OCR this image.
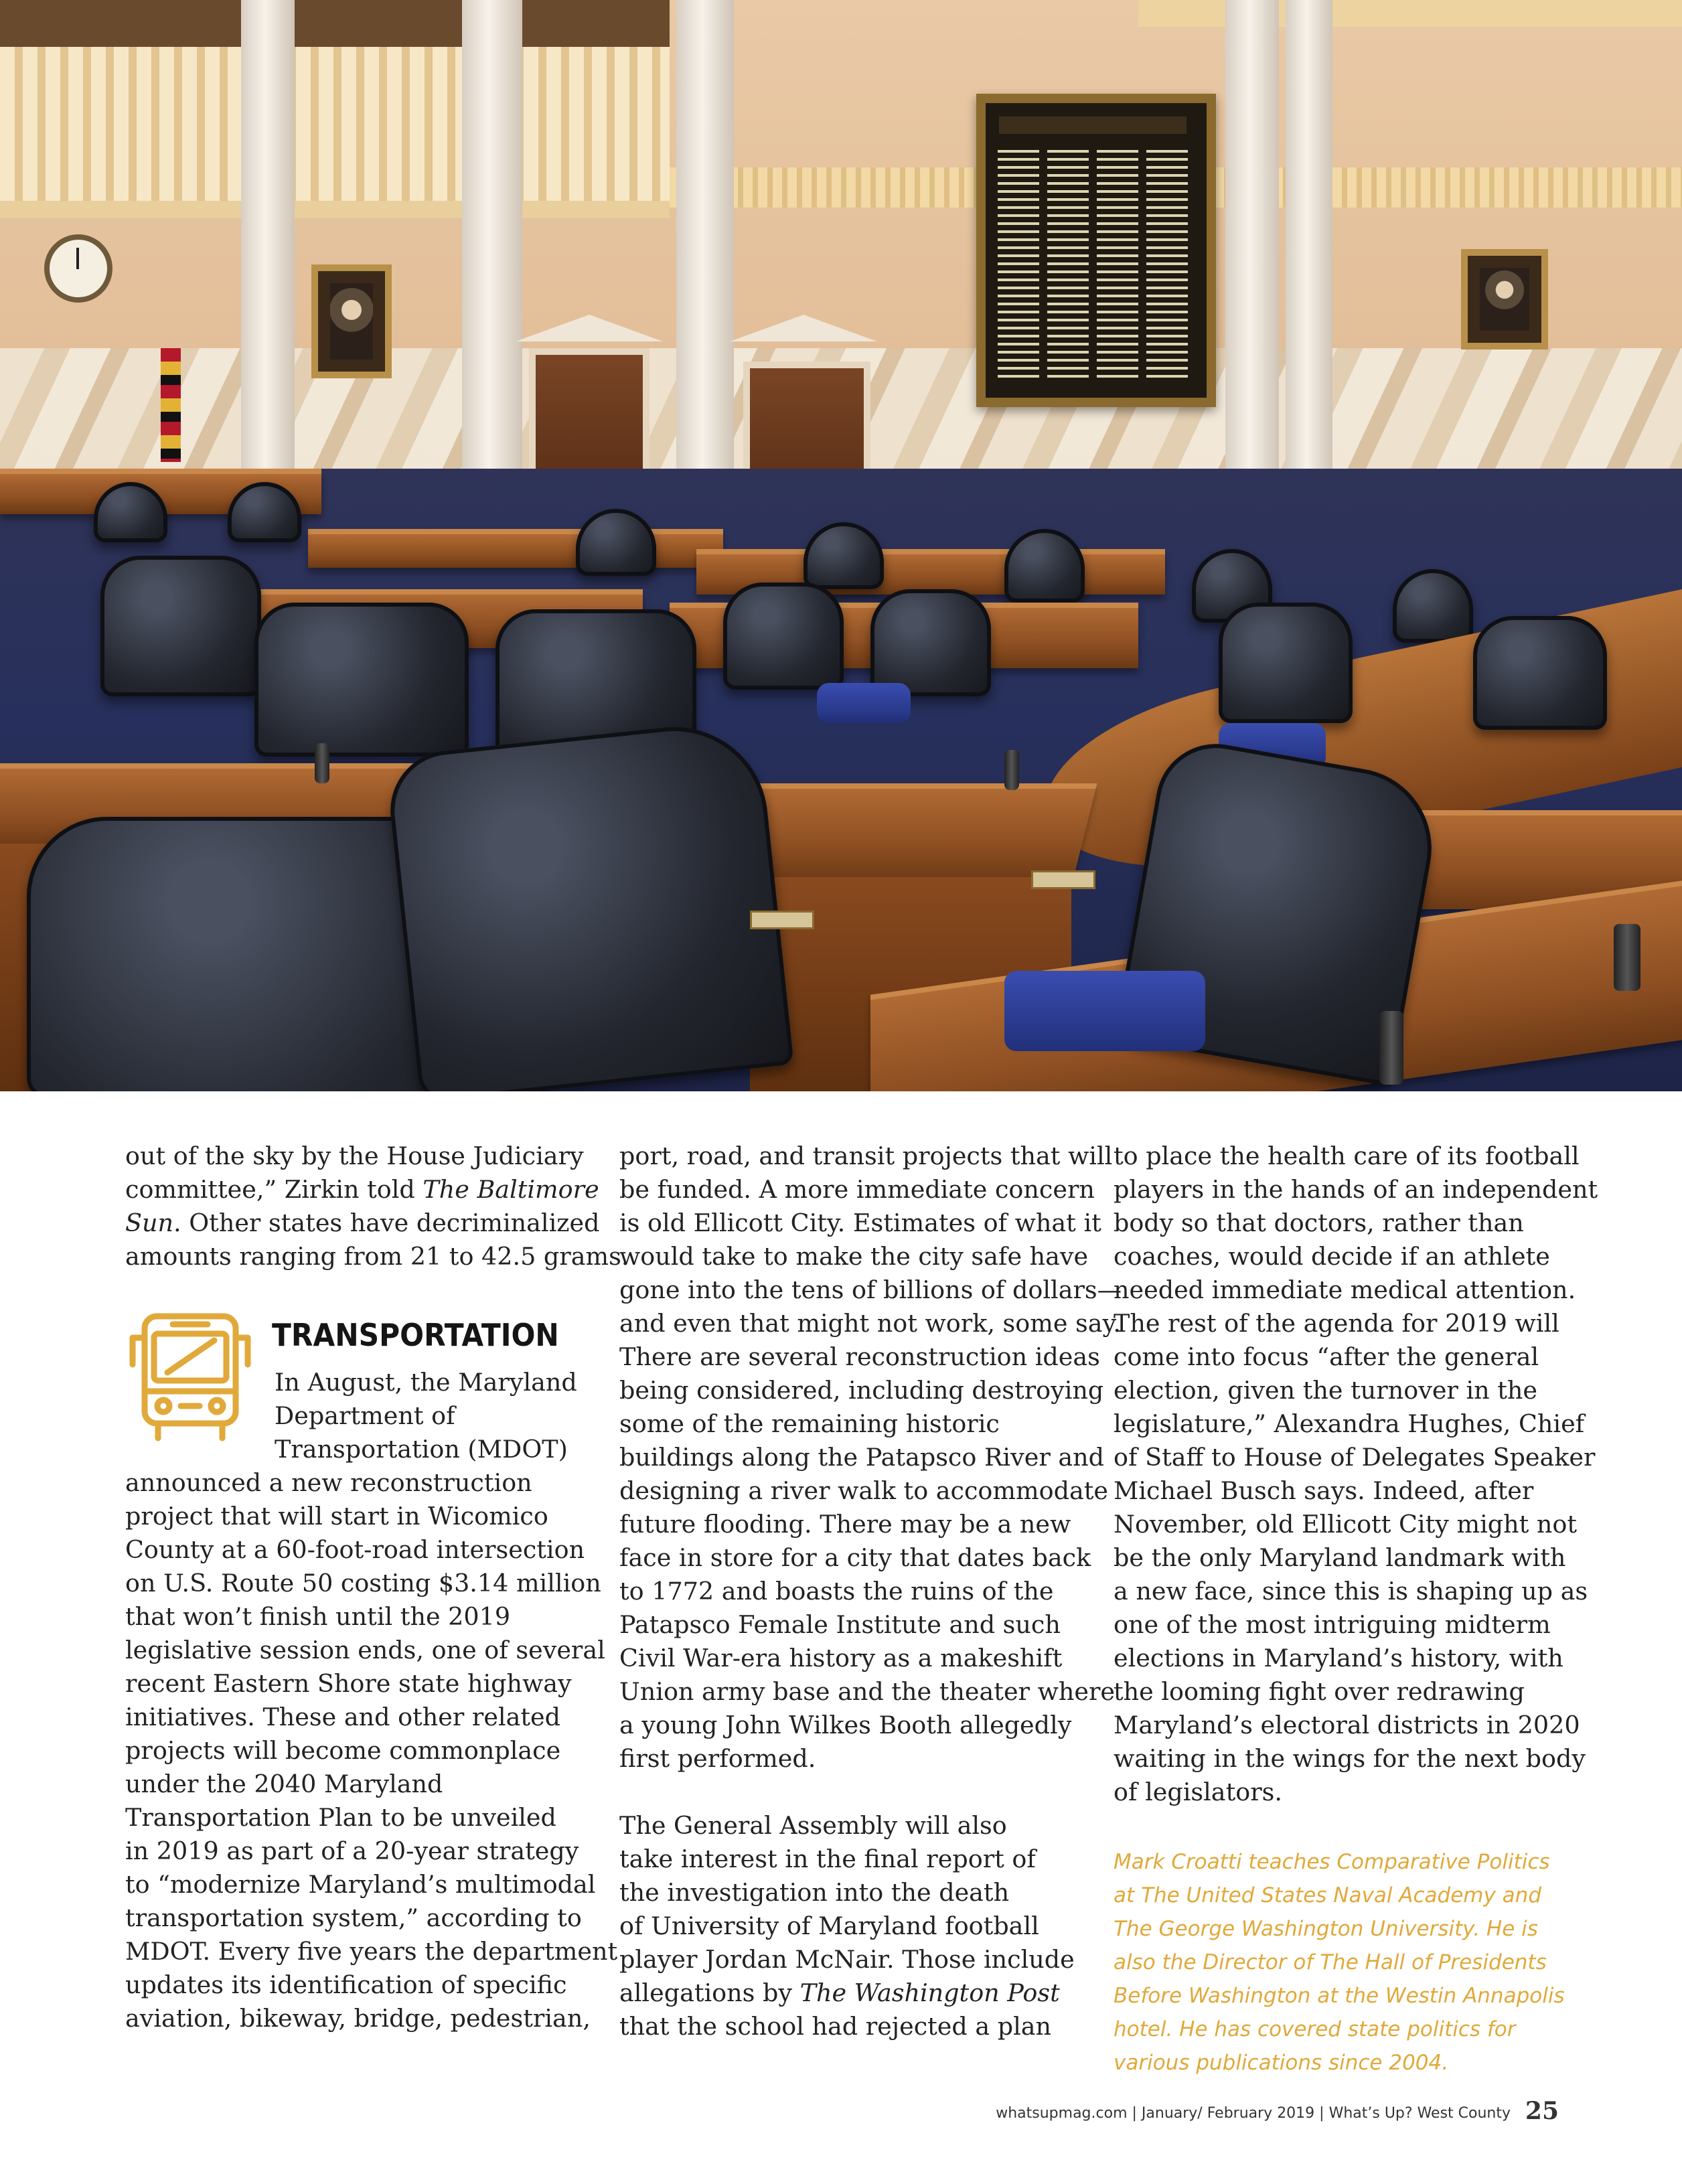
out of the sky by the House Judiciary
committee,” Zirkin told The Baltimore
Sun. Other states have decriminalized
amounts ranging from 21 to 42.5 grams.
TRANSPORTATION
In August, the Maryland
Department of
Transportation (MDOT)
announced a new reconstruction
project that will start in Wicomico
County at a 60-foot-road intersection
on U.S. Route 50 costing $3.14 million
that won’t finish until the 2019
legislative session ends, one of several
recent Eastern Shore state highway
initiatives. These and other related
projects will become commonplace
under the 2040 Maryland
Transportation Plan to be unveiled
in 2019 as part of a 20-year strategy
to “modernize Maryland’s multimodal
transportation system,” according to
MDOT. Every five years the department
updates its identification of specific
aviation, bikeway, bridge, pedestrian,
port, road, and transit projects that will
be funded. A more immediate concern
is old Ellicott City. Estimates of what it
would take to make the city safe have
gone into the tens of billions of dollars—
and even that might not work, some say.
There are several reconstruction ideas
being considered, including destroying
some of the remaining historic
buildings along the Patapsco River and
designing a river walk to accommodate
future flooding. There may be a new
face in store for a city that dates back
to 1772 and boasts the ruins of the
Patapsco Female Institute and such
Civil War-era history as a makeshift
Union army base and the theater where
a young John Wilkes Booth allegedly
first performed.
The General Assembly will also
take interest in the final report of
the investigation into the death
of University of Maryland football
player Jordan McNair. Those include
allegations by The Washington Post
that the school had rejected a plan
to place the health care of its football
players in the hands of an independent
body so that doctors, rather than
coaches, would decide if an athlete
needed immediate medical attention.
The rest of the agenda for 2019 will
come into focus “after the general
election, given the turnover in the
legislature,” Alexandra Hughes, Chief
of Staff to House of Delegates Speaker
Michael Busch says. Indeed, after
November, old Ellicott City might not
be the only Maryland landmark with
a new face, since this is shaping up as
one of the most intriguing midterm
elections in Maryland’s history, with
the looming fight over redrawing
Maryland’s electoral districts in 2020
waiting in the wings for the next body
of legislators.
Mark Croatti teaches Comparative Politics
at The United States Naval Academy and
The George Washington University. He is
also the Director of The Hall of Presidents
Before Washington at the Westin Annapolis
hotel. He has covered state politics for
various publications since 2004.
whatsupmag.com | January/ February 2019 | What’s Up? West County 25
